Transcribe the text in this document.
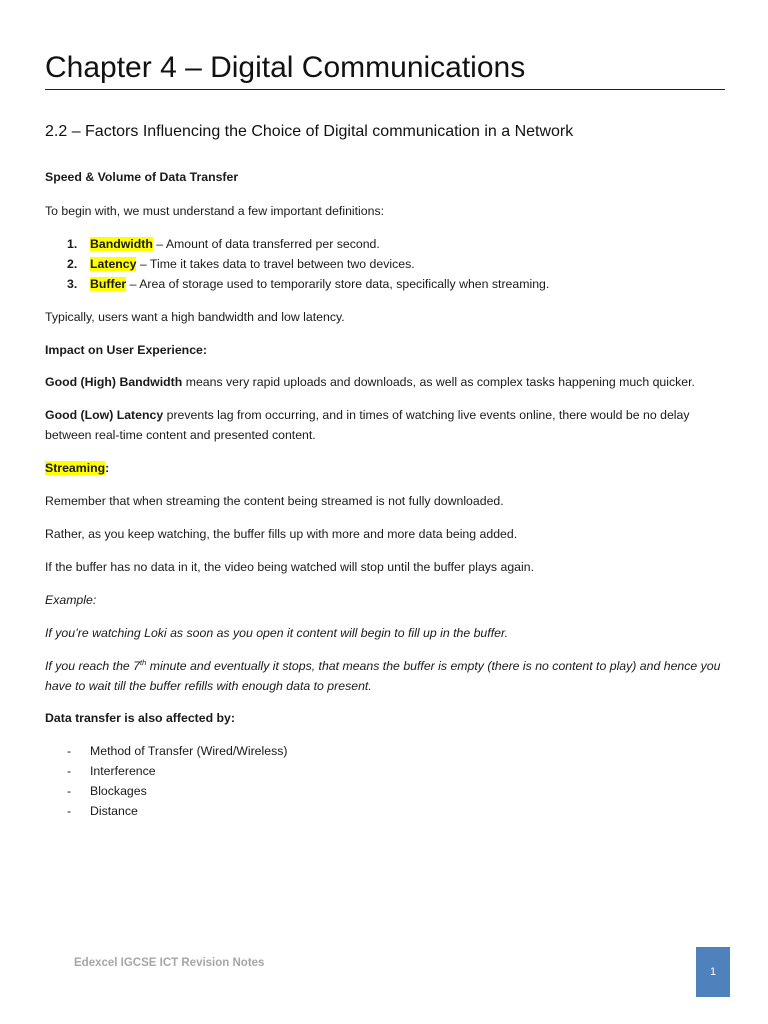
Chapter 4 – Digital Communications
2.2 – Factors Influencing the Choice of Digital communication in a Network

Speed & Volume of Data Transfer

To begin with, we must understand a few important definitions:

1. Bandwidth – Amount of data transferred per second.
2. Latency – Time it takes data to travel between two devices.
3. Buffer – Area of storage used to temporarily store data, specifically when streaming.

Typically, users want a high bandwidth and low latency.

Impact on User Experience:

Good (High) Bandwidth means very rapid uploads and downloads, as well as complex tasks happening much quicker.

Good (Low) Latency prevents lag from occurring, and in times of watching live events online, there would be no delay between real-time content and presented content.

Streaming:

Remember that when streaming the content being streamed is not fully downloaded.

Rather, as you keep watching, the buffer fills up with more and more data being added.

If the buffer has no data in it, the video being watched will stop until the buffer plays again.

Example:

If you’re watching Loki as soon as you open it content will begin to fill up in the buffer.

If you reach the 7th minute and eventually it stops, that means the buffer is empty (there is no content to play) and hence you have to wait till the buffer refills with enough data to present.

Data transfer is also affected by:

- Method of Transfer (Wired/Wireless)
- Interference
- Blockages
- Distance
Edexcel IGCSE ICT Revision Notes
1
